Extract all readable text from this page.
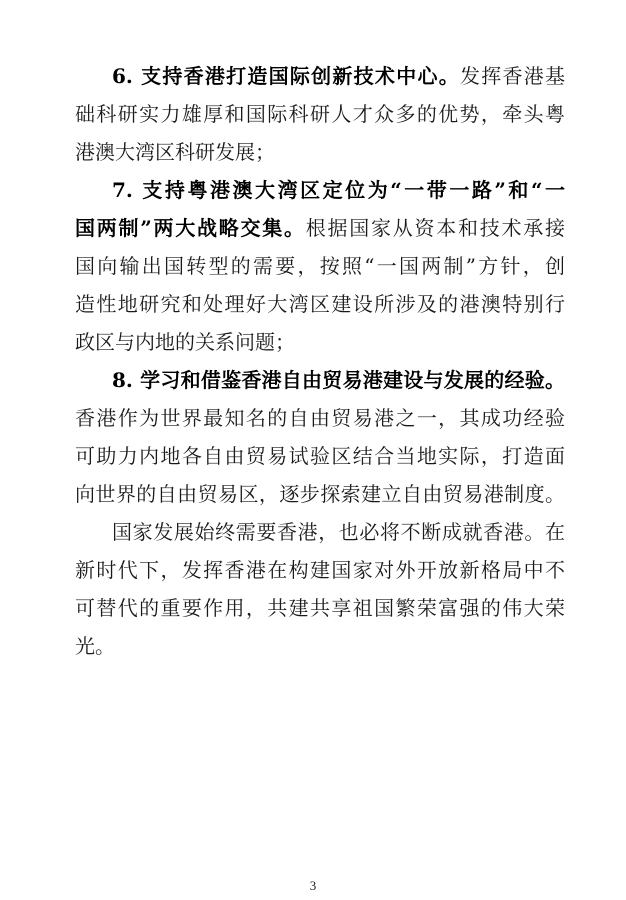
6. 支持香港打造国际创新技术中心。发挥香港基
础科研实力雄厚和国际科研人才众多的优势，牵头粤
港澳大湾区科研发展；
7. 支持粤港澳大湾区定位为“一带一路”和“一
国两制”两大战略交集。根据国家从资本和技术承接
国向输出国转型的需要，按照“一国两制”方针，创
造性地研究和处理好大湾区建设所涉及的港澳特别行
政区与内地的关系问题；
8. 学习和借鉴香港自由贸易港建设与发展的经验。
香港作为世界最知名的自由贸易港之一，其成功经验
可助力内地各自由贸易试验区结合当地实际，打造面
向世界的自由贸易区，逐步探索建立自由贸易港制度。
国家发展始终需要香港，也必将不断成就香港。在
新时代下，发挥香港在构建国家对外开放新格局中不
可替代的重要作用，共建共享祖国繁荣富强的伟大荣
光。
3
